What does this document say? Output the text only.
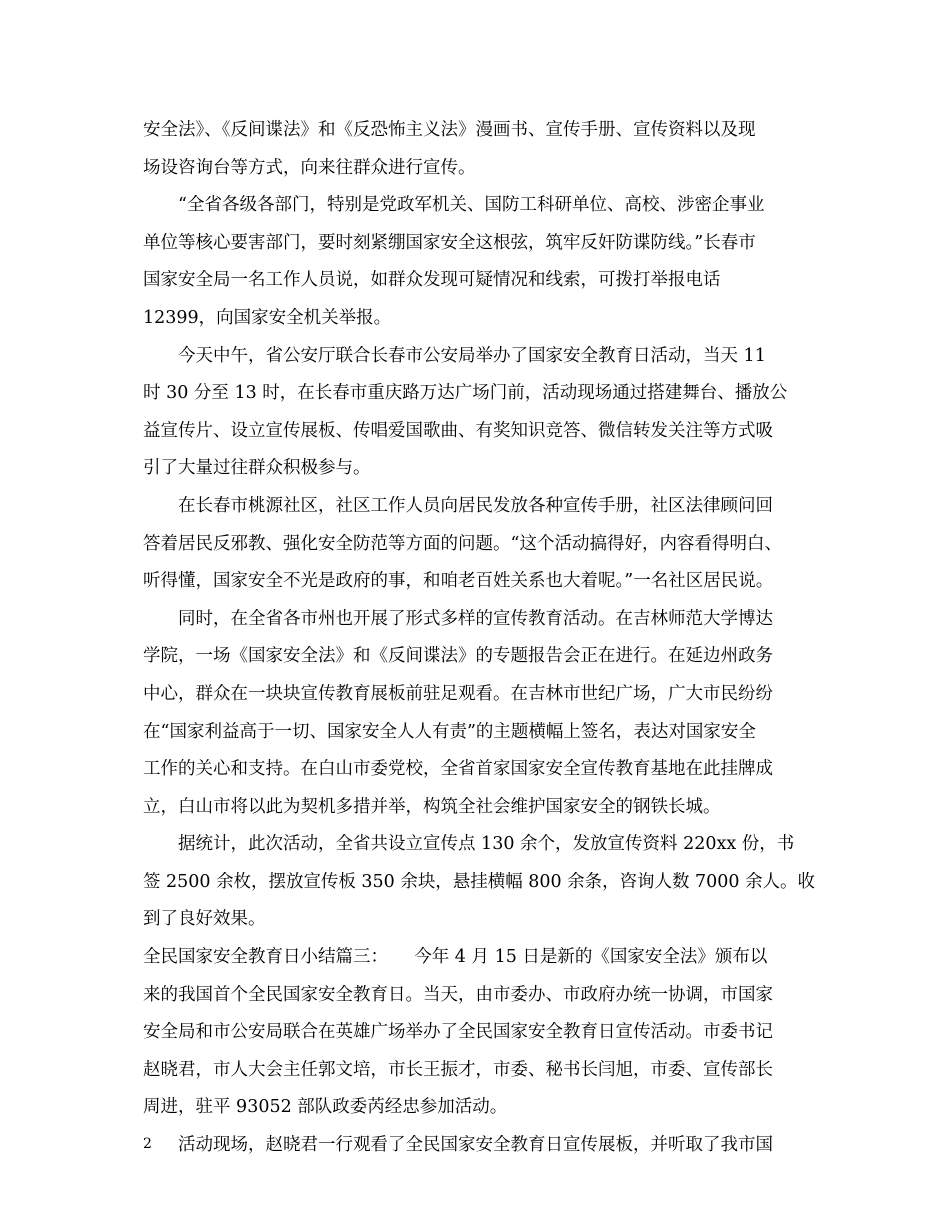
安全法》、《反间谍法》和《反恐怖主义法》漫画书、宣传手册、宣传资料以及现
场设咨询台等方式，向来往群众进行宣传。
“全省各级各部门，特别是党政军机关、国防工科研单位、高校、涉密企事业
单位等核心要害部门，要时刻紧绷国家安全这根弦，筑牢反奸防谍防线。”长春市
国家安全局一名工作人员说，如群众发现可疑情况和线索，可拨打举报电话
12399，向国家安全机关举报。
今天中午，省公安厅联合长春市公安局举办了国家安全教育日活动，当天 11
时 30 分至 13 时，在长春市重庆路万达广场门前，活动现场通过搭建舞台、播放公
益宣传片、设立宣传展板、传唱爱国歌曲、有奖知识竞答、微信转发关注等方式吸
引了大量过往群众积极参与。
在长春市桃源社区，社区工作人员向居民发放各种宣传手册，社区法律顾问回
答着居民反邪教、强化安全防范等方面的问题。“这个活动搞得好，内容看得明白、
听得懂，国家安全不光是政府的事，和咱老百姓关系也大着呢。”一名社区居民说。
同时，在全省各市州也开展了形式多样的宣传教育活动。在吉林师范大学博达
学院，一场《国家安全法》和《反间谍法》的专题报告会正在进行。在延边州政务
中心，群众在一块块宣传教育展板前驻足观看。在吉林市世纪广场，广大市民纷纷
在“国家利益高于一切、国家安全人人有责”的主题横幅上签名，表达对国家安全
工作的关心和支持。在白山市委党校，全省首家国家安全宣传教育基地在此挂牌成
立，白山市将以此为契机多措并举，构筑全社会维护国家安全的钢铁长城。
据统计，此次活动，全省共设立宣传点 130 余个，发放宣传资料 220xx 份，书
签 2500 余枚，摆放宣传板 350 余块，悬挂横幅 800 余条，咨询人数 7000 余人。收
到了良好效果。
全民国家安全教育日小结篇三：　　今年 4 月 15 日是新的《国家安全法》颁布以
来的我国首个全民国家安全教育日。当天，由市委办、市政府办统一协调，市国家
安全局和市公安局联合在英雄广场举办了全民国家安全教育日宣传活动。市委书记
赵晓君，市人大会主任郭文培，市长王振才，市委、秘书长闫旭，市委、宣传部长
周进，驻平 93052 部队政委芮经忠参加活动。
活动现场，赵晓君一行观看了全民国家安全教育日宣传展板，并听取了我市国
2
